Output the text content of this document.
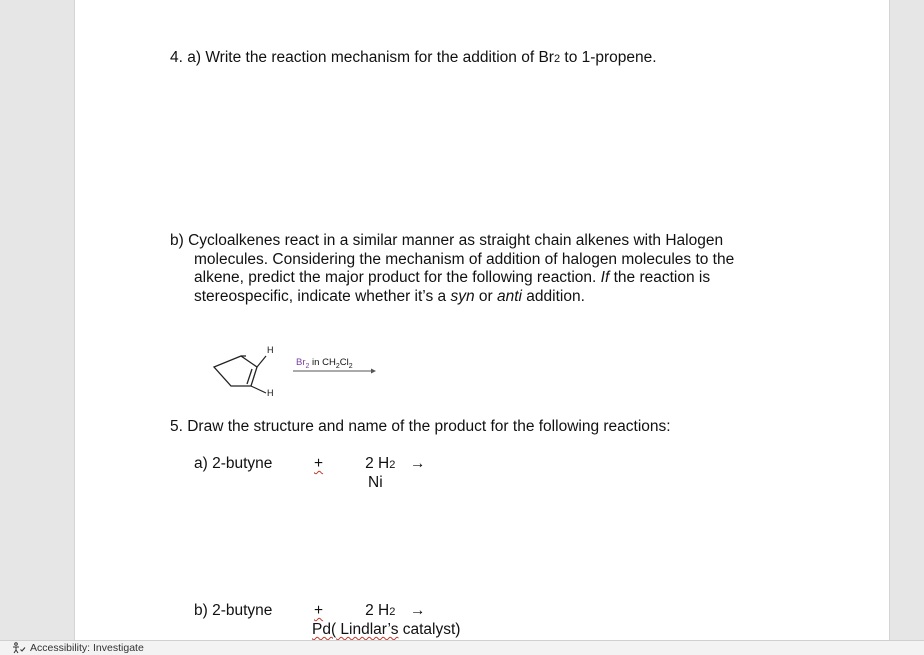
4. a) Write the reaction mechanism for the addition of Br2 to 1-propene.
b) Cycloalkenes react in a similar manner as straight chain alkenes with Halogen
molecules. Considering the mechanism of addition of halogen molecules to the
alkene, predict the major product for the following reaction. If the reaction is
stereospecific, indicate whether it’s a syn or anti addition.
H
H
$Br_2$ in $CH_2Cl_2$
5. Draw the structure and name of the product for the following reactions:
a) 2-butyne	+	2 H2 →
Ni
b) 2-butyne	+	2 H2 →
Pd( Lindlar’s catalyst)
Accessibility: Investigate
